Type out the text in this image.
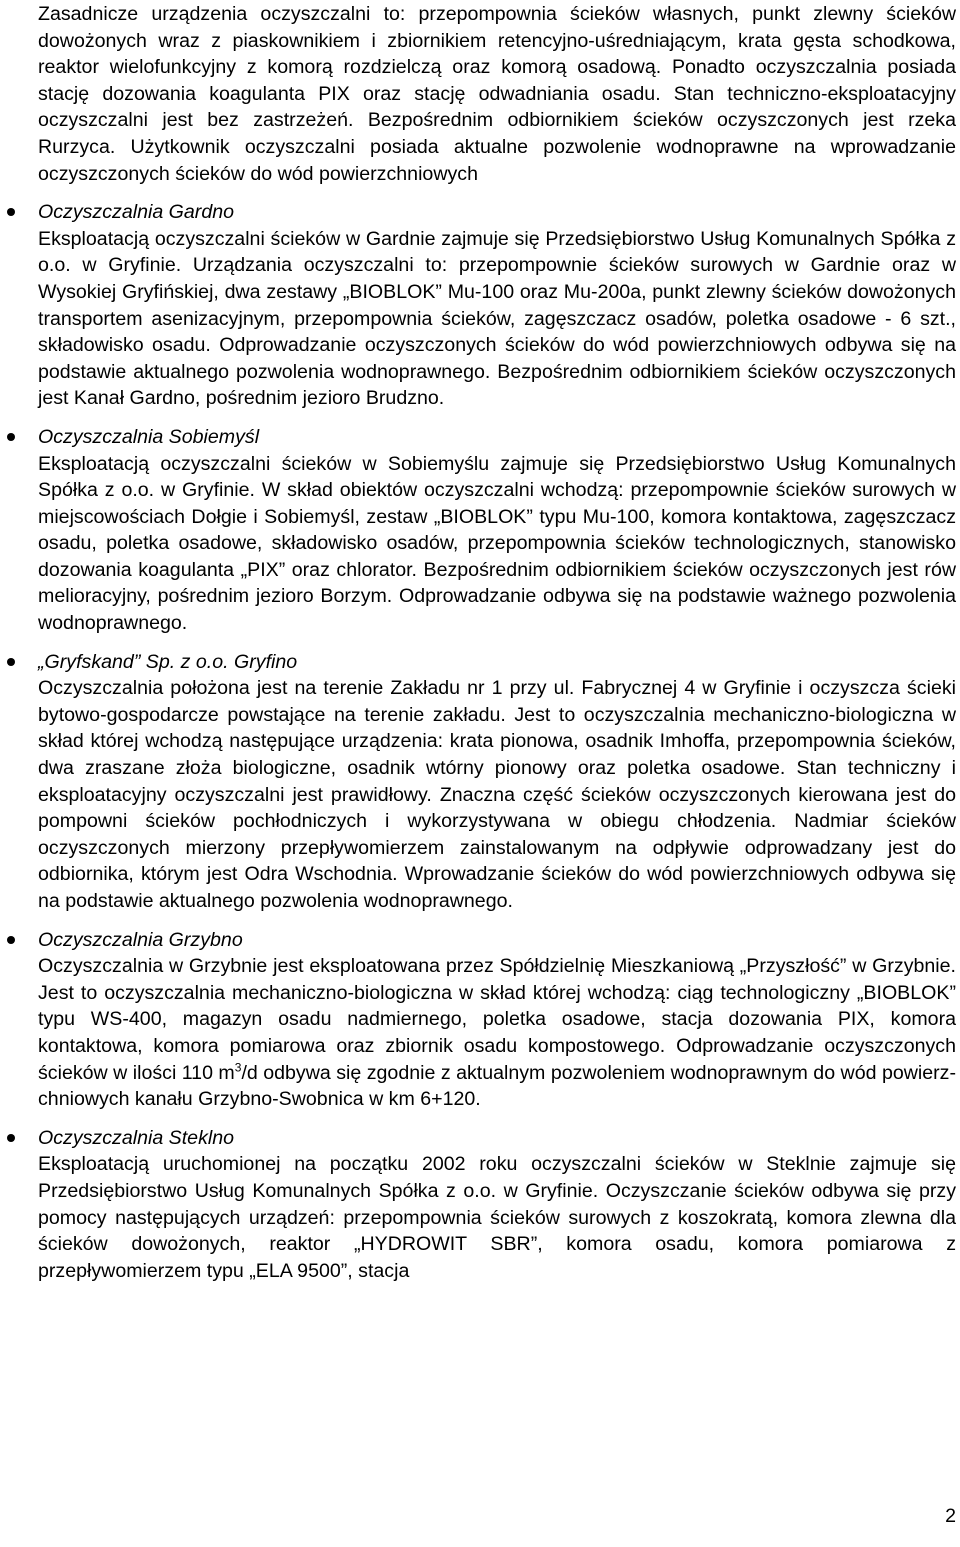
Zasadnicze urządzenia oczyszczalni to: przepompownia ścieków własnych, punkt zlewny ścieków dowożonych wraz z piaskownikiem i zbiornikiem retencyjno-uśredniającym, krata gęsta schodkowa, reaktor wielofunkcyjny z komorą rozdzielczą oraz komorą osadową. Ponadto oczyszczalnia posiada stację dozowania koagulanta PIX oraz stację odwadniania osadu. Stan techniczno-eksploatacyjny oczyszczalni jest bez zastrzeżeń. Bezpośrednim odbiornikiem ścieków oczyszczonych jest rzeka Rurzyca. Użytkownik oczyszczalni posiada aktualne pozwolenie wodnoprawne na wprowadzanie oczyszczonych ścieków do wód powierzchniowych

Oczyszczalnia Gardno

Eksploatacją oczyszczalni ścieków w Gardnie zajmuje się Przedsiębiorstwo Usług Komunalnych Spółka z o.o. w Gryfinie. Urządzania oczyszczalni to: przepompownie ścieków surowych w Gardnie oraz w Wysokiej Gryfińskiej, dwa zestawy „BIOBLOK” Mu-100 oraz Mu-200a, punkt zlewny ścieków dowożonych transportem asenizacyjnym, przepompownia ścieków, zagęszczacz osadów, poletka osadowe - 6 szt., składowisko osadu. Odprowadzanie oczyszczonych ścieków do wód powierzchniowych odbywa się na podstawie aktualnego pozwolenia wodnoprawnego. Bezpośrednim odbiornikiem ścieków oczyszczonych jest Kanał Gardno, pośrednim jezioro Brudzno.

Oczyszczalnia Sobiemyśl

Eksploatacją oczyszczalni ścieków w Sobiemyślu zajmuje się Przedsiębiorstwo Usług Komunalnych Spółka z o.o. w Gryfinie. W skład obiektów oczyszczalni wchodzą: przepompownie ścieków surowych w miejscowościach Dołgie i Sobiemyśl, zestaw „BIOBLOK” typu Mu-100, komora kontaktowa, zagęszczacz osadu, poletka osadowe, składowisko osadów, przepompownia ścieków technologicznych, stanowisko dozowania koagulanta „PIX” oraz chlorator. Bezpośrednim odbiornikiem ścieków oczyszczonych jest rów melioracyjny, pośrednim jezioro Borzym. Odprowadzanie odbywa się na podstawie ważnego pozwolenia wodnoprawnego.

„Gryfskand” Sp. z o.o. Gryfino

Oczyszczalnia położona jest na terenie Zakładu nr 1 przy ul. Fabrycznej 4 w Gryfinie i oczyszcza ścieki bytowo-gospodarcze powstające na terenie zakładu. Jest to oczyszczalnia mechaniczno-biologiczna w skład której wchodzą następujące urządzenia: krata pionowa, osadnik Imhoffa, przepompownia ścieków, dwa zraszane złoża biologiczne, osadnik wtórny pionowy oraz poletka osadowe. Stan techniczny i eksploatacyjny oczyszczalni jest prawidłowy. Znaczna część ścieków oczyszczonych kierowana jest do pompowni ścieków pochłodniczych i wykorzystywana w obiegu chłodzenia. Nadmiar ścieków oczyszczonych mierzony przepływomierzem zainstalowanym na odpływie odprowadzany jest do odbiornika, którym jest Odra Wschodnia. Wprowadzanie ścieków do wód powierzchniowych odbywa się na podstawie aktualnego pozwolenia wodnoprawnego.

Oczyszczalnia Grzybno

Oczyszczalnia w Grzybnie jest eksploatowana przez Spółdzielnię Mieszkaniową „Przyszłość” w Grzybnie. Jest to oczyszczalnia mechaniczno-biologiczna w skład której wchodzą: ciąg technologiczny „BIOBLOK” typu WS-400, magazyn osadu nadmiernego, poletka osadowe, stacja dozowania PIX, komora kontaktowa, komora pomiarowa oraz zbiornik osadu kompostowego. Odprowadzanie oczyszczonych ścieków w ilości 110 $m^3/d$ odbywa się zgodnie z aktualnym pozwoleniem wodnoprawnym do wód powierzchniowych kanału Grzybno-Swobnica w km 6+120.

Oczyszczalnia Steklno

Eksploatacją uruchomionej na początku 2002 roku oczyszczalni ścieków w Steklnie zajmuje się Przedsiębiorstwo Usług Komunalnych Spółka z o.o. w Gryfinie. Oczyszczanie ścieków odbywa się przy pomocy następujących urządzeń: przepompownia ścieków surowych z koszokratą, komora zlewna dla ścieków dowożonych, reaktor „HYDROWIT SBR”, komora osadu, komora pomiarowa z przepływomierzem typu „ELA 9500”, stacja

2
